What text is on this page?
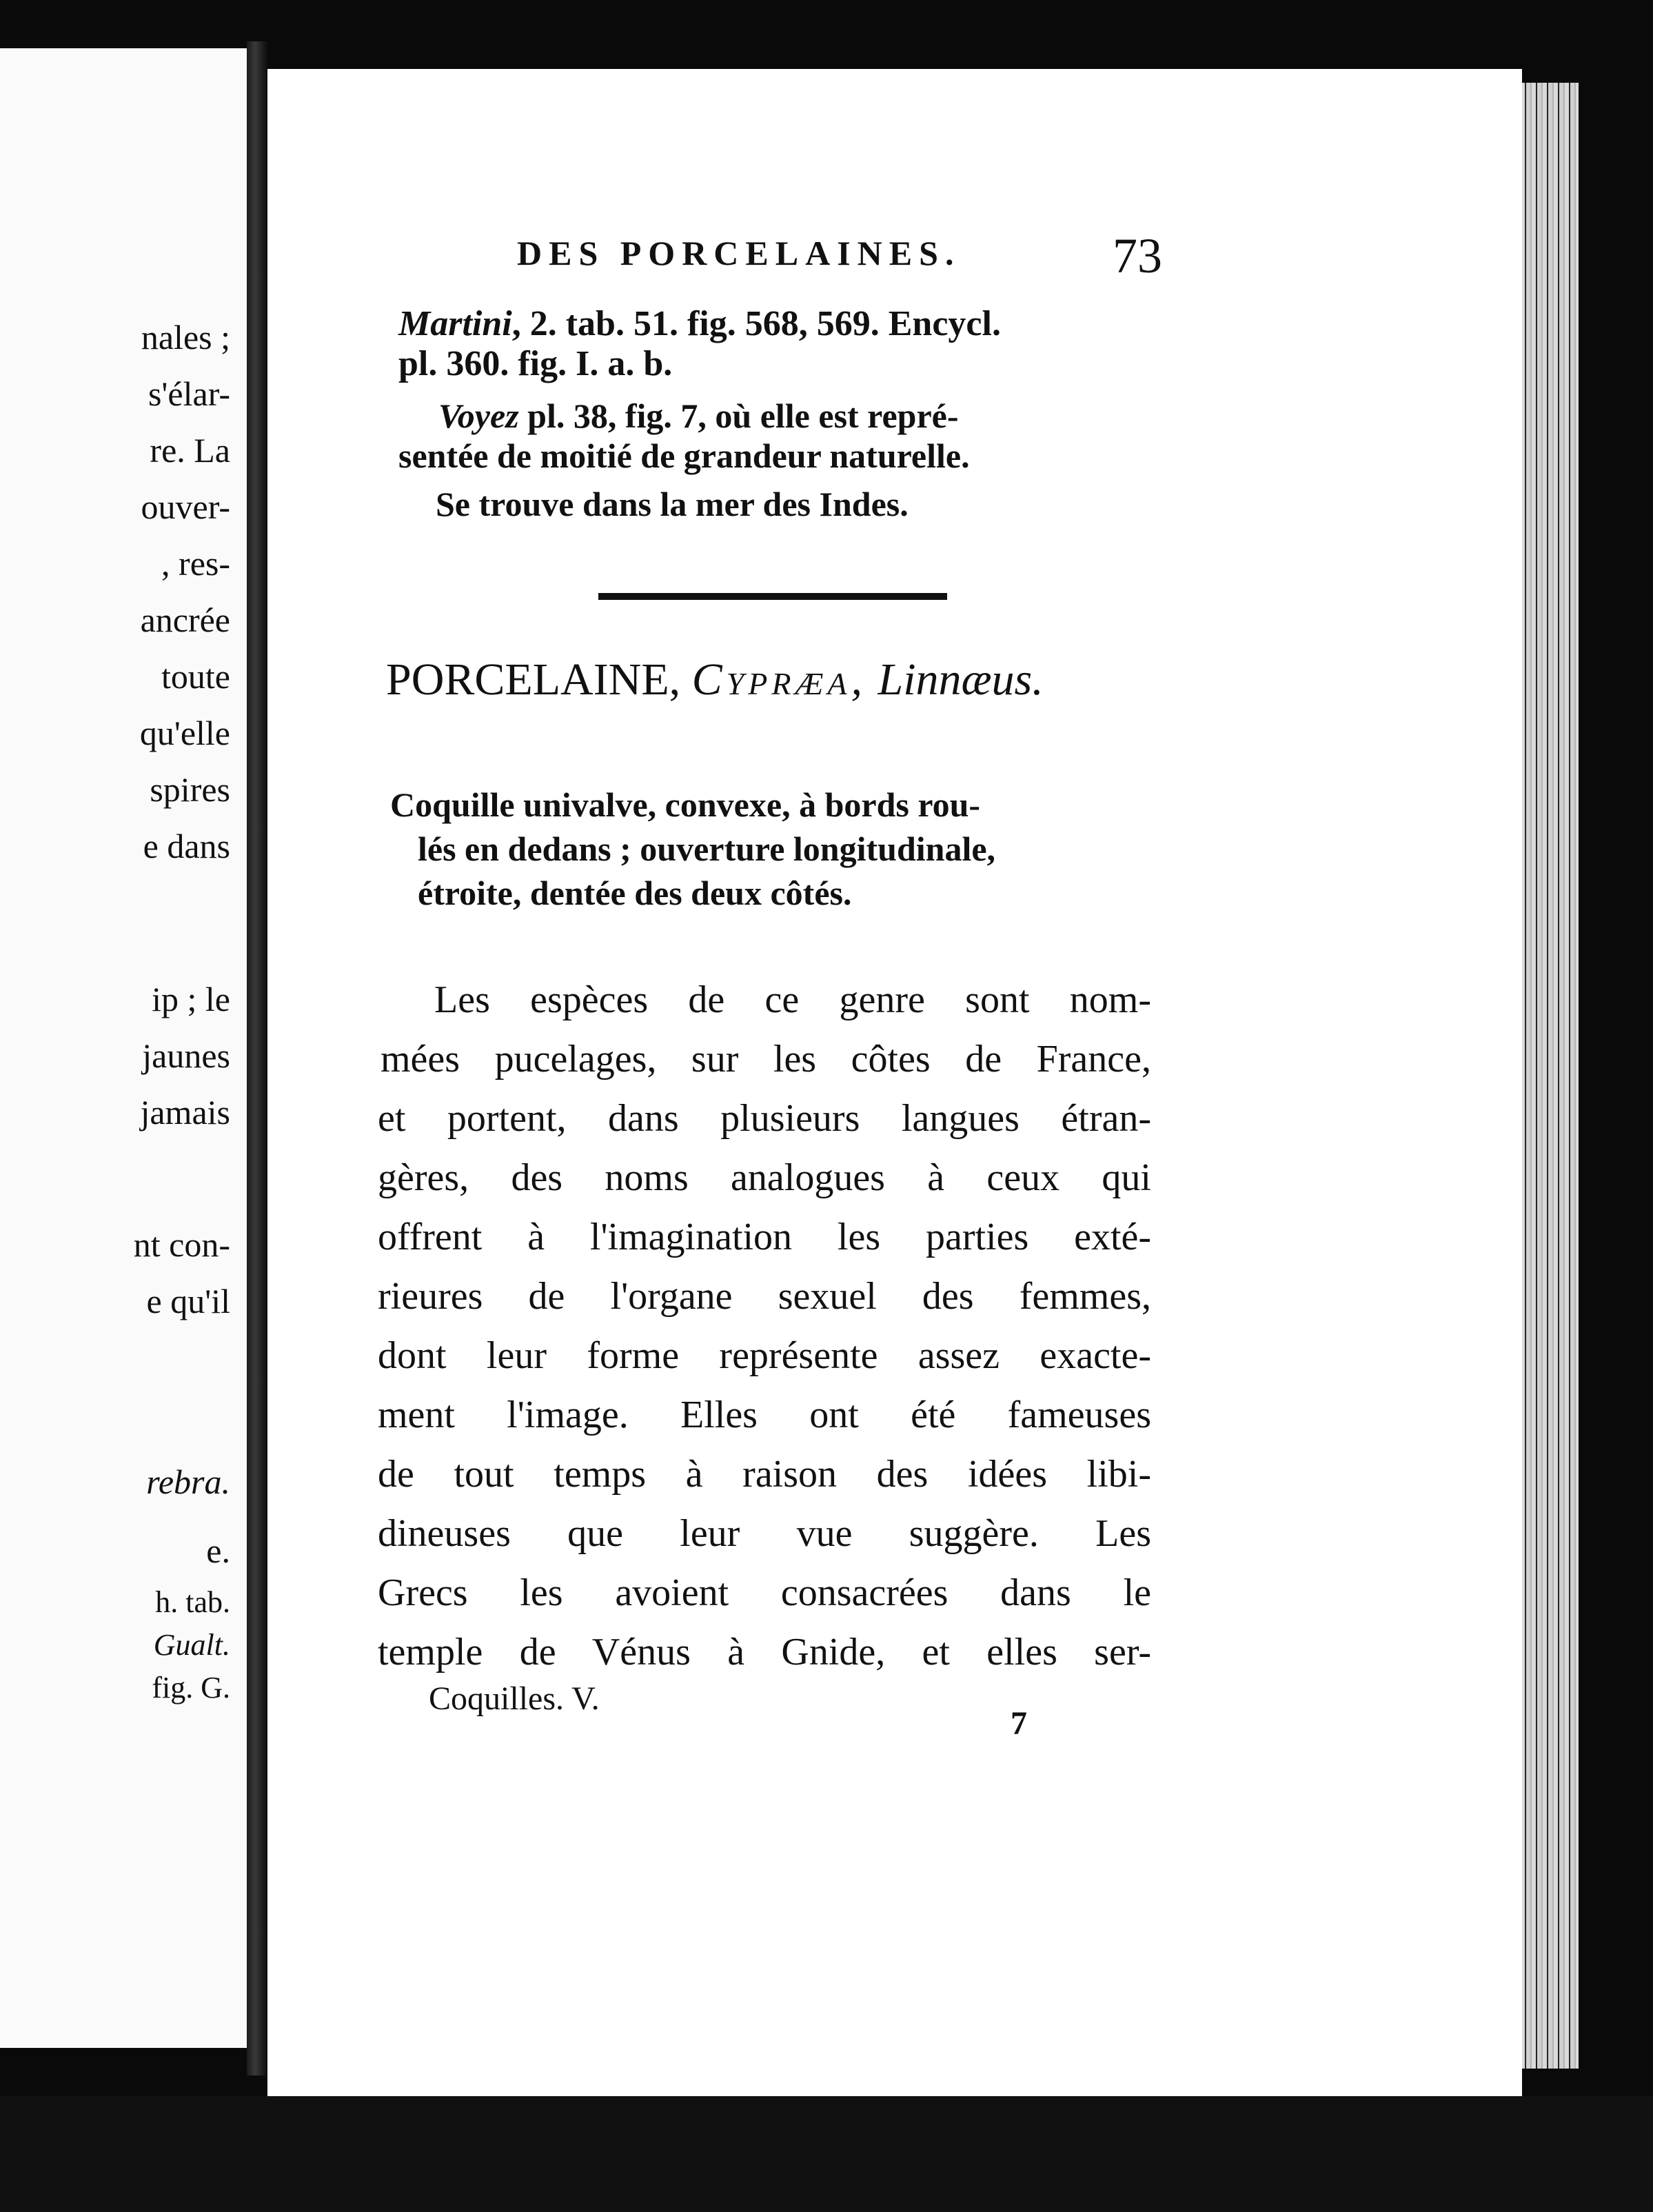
nales ;
s'élar-
re. La
ouver-
, res-
ancrée
toute
qu'elle
spires
e dans
ip ; le
jaunes
jamais
nt con-
e qu'il
rebra.
e.
h. tab.
Gualt.
fig. G.
DES PORCELAINES.	73
Martini, 2. tab. 51. fig. 568, 569. Encycl.
pl. 360. fig. I. a. b.
Voyez pl. 38, fig. 7, où elle est repré-
sentée de moitié de grandeur naturelle.
Se trouve dans la mer des Indes.
PORCELAINE, Cypræa, Linnæus.
Coquille univalve, convexe, à bords rou-
lés en dedans ; ouverture longitudinale,
étroite, dentée des deux côtés.
Les espèces de ce genre sont nom-
mées pucelages, sur les côtes de France,
et portent, dans plusieurs langues étran-
gères, des noms analogues à ceux qui
offrent à l'imagination les parties exté-
rieures de l'organe sexuel des femmes,
dont leur forme représente assez exacte-
ment l'image. Elles ont été fameuses
de tout temps à raison des idées libi-
dineuses que leur vue suggère. Les
Grecs les avoient consacrées dans le
temple de Vénus à Gnide, et elles ser-
Coquilles. V.
7
